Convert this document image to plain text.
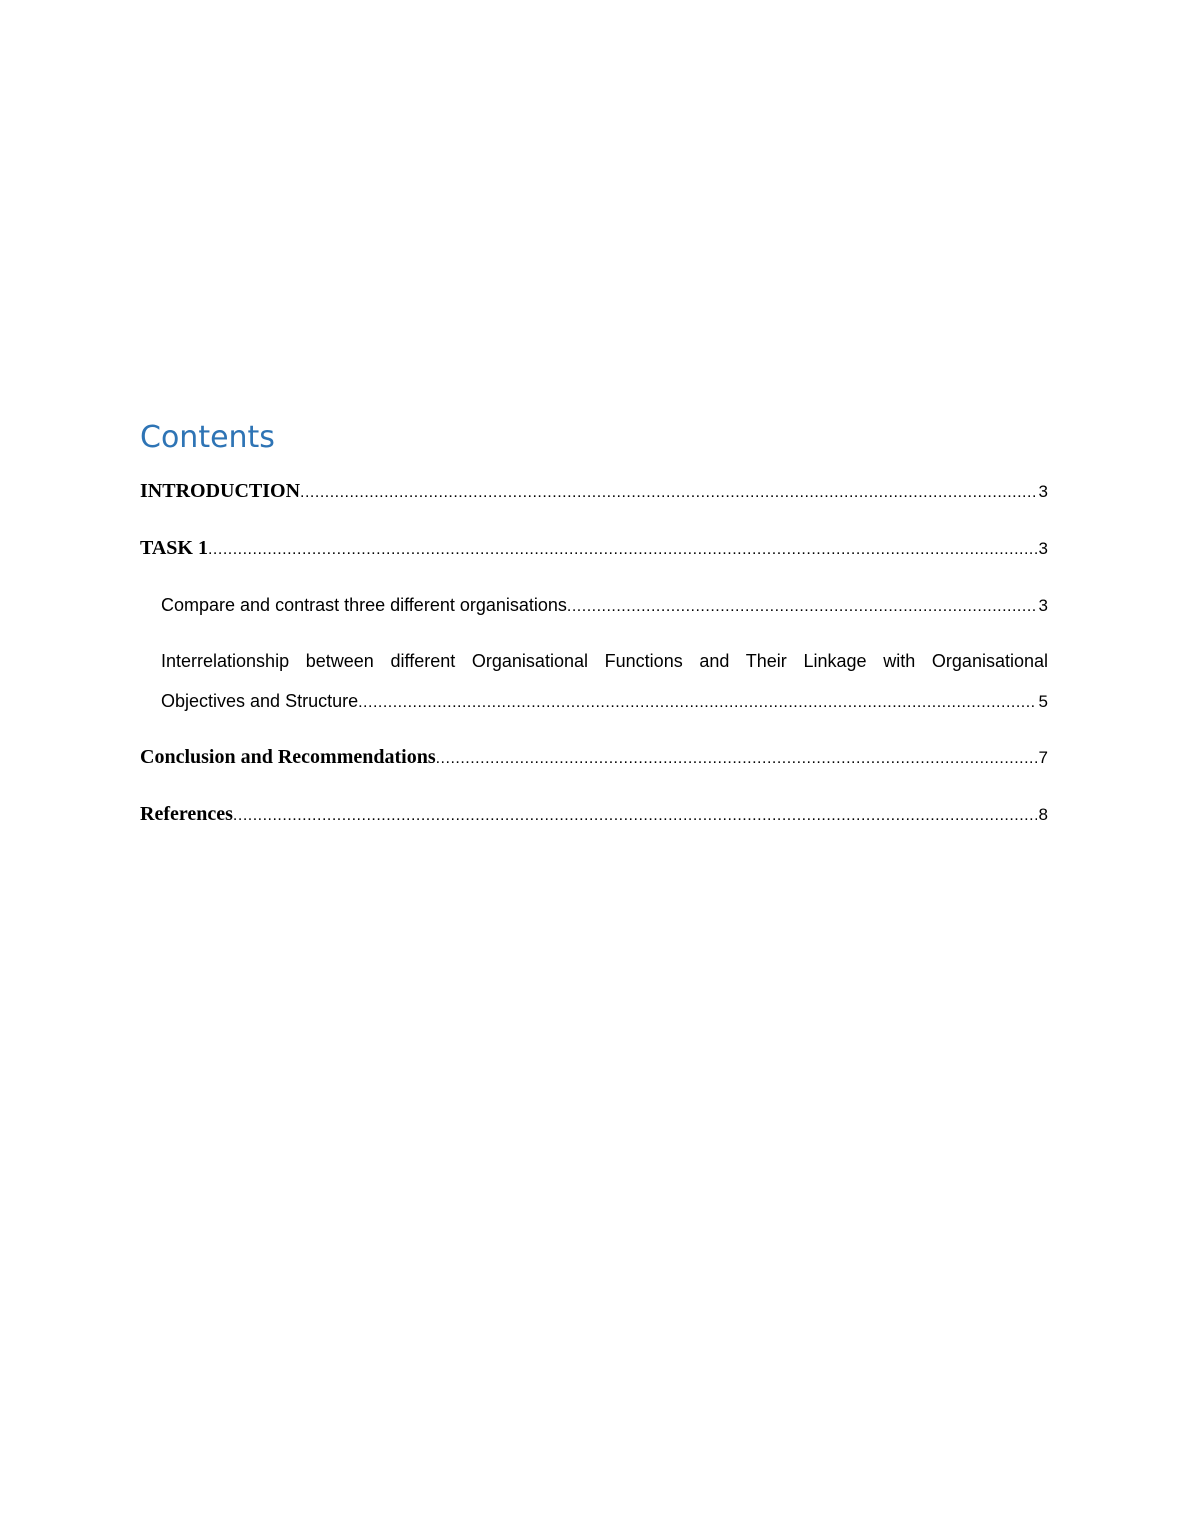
Contents
INTRODUCTION .....	3
TASK 1 .....	3
Compare and contrast three different organisations .....	3
Interrelationship between different Organisational Functions and Their Linkage with Organisational
Objectives and Structure .....	5
Conclusion and Recommendations .....	7
References .....	8
